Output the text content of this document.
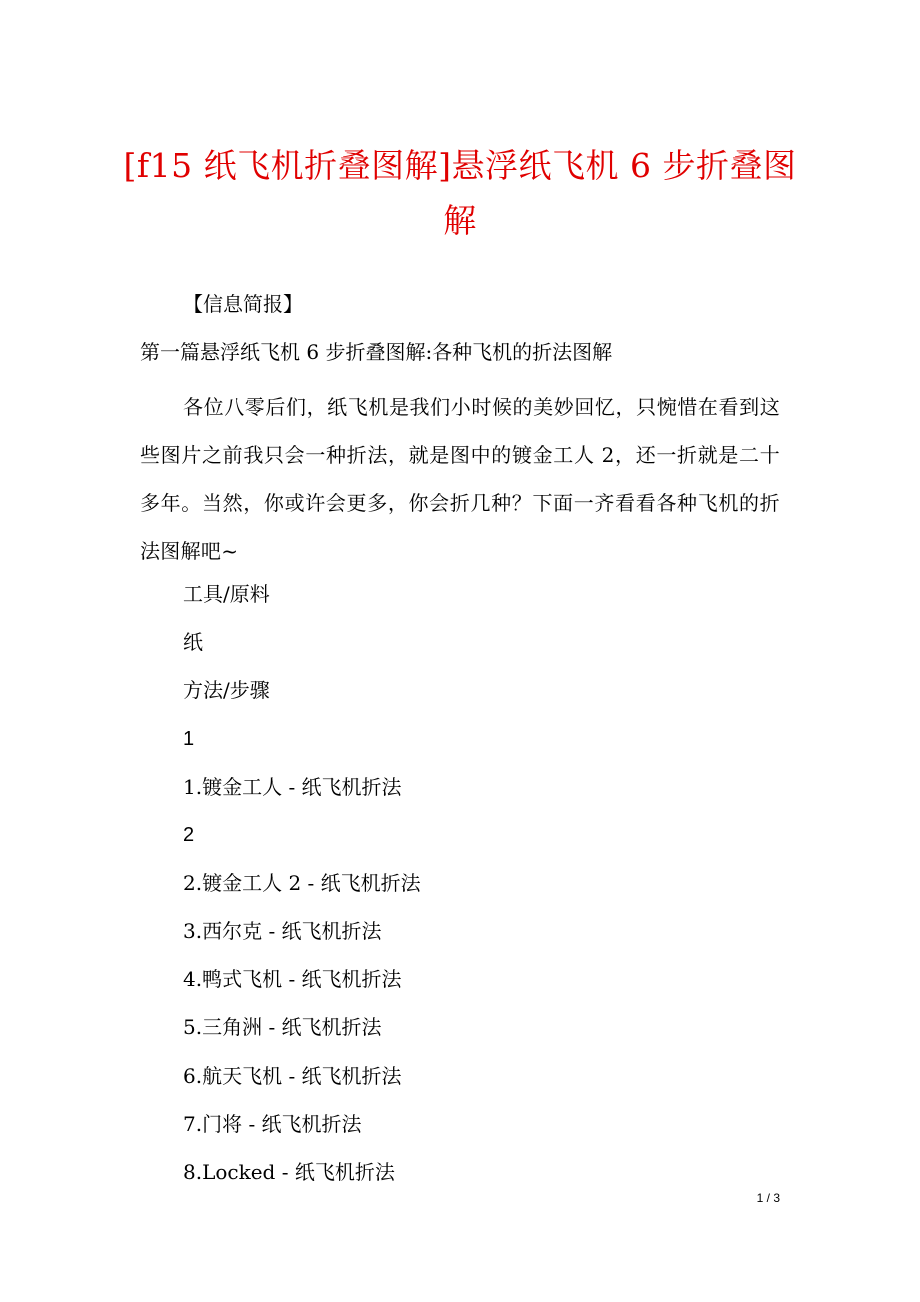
[f15 纸飞机折叠图解]悬浮纸飞机 6 步折叠图解
【信息简报】
第一篇悬浮纸飞机 6 步折叠图解:各种飞机的折法图解
各位八零后们，纸飞机是我们小时候的美妙回忆，只惋惜在看到这些图片之前我只会一种折法，就是图中的镀金工人 2，还一折就是二十多年。当然，你或许会更多，你会折几种？下面一齐看看各种飞机的折法图解吧~
工具/原料
纸
方法/步骤
1
1.镀金工人 - 纸飞机折法
2
2.镀金工人 2 - 纸飞机折法
3.西尔克 - 纸飞机折法
4.鸭式飞机 - 纸飞机折法
5.三角洲 - 纸飞机折法
6.航天飞机 - 纸飞机折法
7.门将 - 纸飞机折法
8.Locked - 纸飞机折法
1 / 3
